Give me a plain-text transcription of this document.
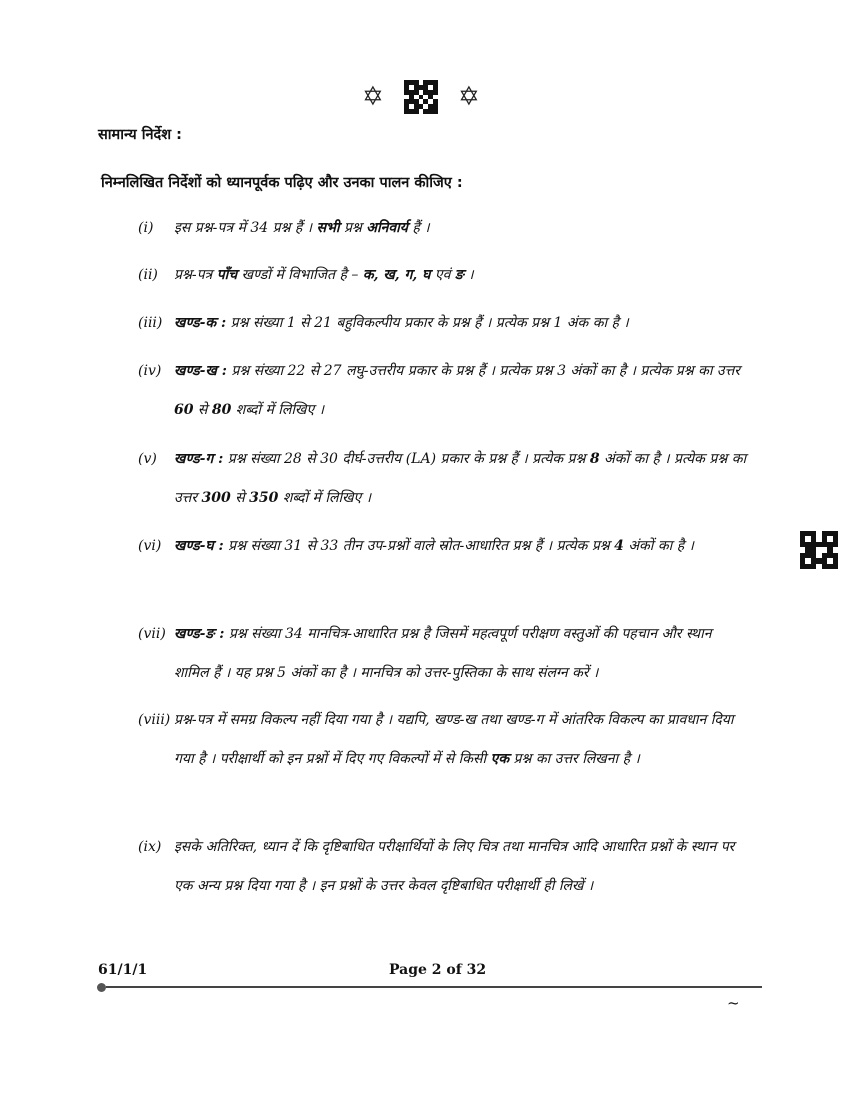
✡	✡
सामान्य निर्देश :
निम्नलिखित निर्देशों को ध्यानपूर्वक पढ़िए और उनका पालन कीजिए :
(i) इस प्रश्न-पत्र में 34 प्रश्न हैं । सभी प्रश्न अनिवार्य हैं ।
(ii) प्रश्न-पत्र पाँच खण्डों में विभाजित है – क, ख, ग, घ एवं ङ ।
(iii) खण्ड-क : प्रश्न संख्या 1 से 21 बहुविकल्पीय प्रकार के प्रश्न हैं । प्रत्येक प्रश्न 1 अंक का है ।
(iv) खण्ड-ख : प्रश्न संख्या 22 से 27 लघु-उत्तरीय प्रकार के प्रश्न हैं । प्रत्येक प्रश्न 3 अंकों का है । प्रत्येक प्रश्न का उत्तर 60 से 80 शब्दों में लिखिए ।
(v) खण्ड-ग : प्रश्न संख्या 28 से 30 दीर्घ-उत्तरीय (LA) प्रकार के प्रश्न हैं । प्रत्येक प्रश्न 8 अंकों का है । प्रत्येक प्रश्न का उत्तर 300 से 350 शब्दों में लिखिए ।
(vi) खण्ड-घ : प्रश्न संख्या 31 से 33 तीन उप-प्रश्नों वाले स्रोत-आधारित प्रश्न हैं । प्रत्येक प्रश्न 4 अंकों का है ।
(vii) खण्ड-ङ : प्रश्न संख्या 34 मानचित्र-आधारित प्रश्न है जिसमें महत्वपूर्ण परीक्षण वस्तुओं की पहचान और स्थान शामिल हैं । यह प्रश्न 5 अंकों का है । मानचित्र को उत्तर-पुस्तिका के साथ संलग्न करें ।
(viii) प्रश्न-पत्र में समग्र विकल्प नहीं दिया गया है । यद्यपि, खण्ड-ख तथा खण्ड-ग में आंतरिक विकल्प का प्रावधान दिया गया है । परीक्षार्थी को इन प्रश्नों में दिए गए विकल्पों में से किसी एक प्रश्न का उत्तर लिखना है ।
(ix) इसके अतिरिक्त, ध्यान दें कि दृष्टिबाधित परीक्षार्थियों के लिए चित्र तथा मानचित्र आदि आधारित प्रश्नों के स्थान पर एक अन्य प्रश्न दिया गया है । इन प्रश्नों के उत्तर केवल दृष्टिबाधित परीक्षार्थी ही लिखें ।
61/1/1	Page 2 of 32
~
